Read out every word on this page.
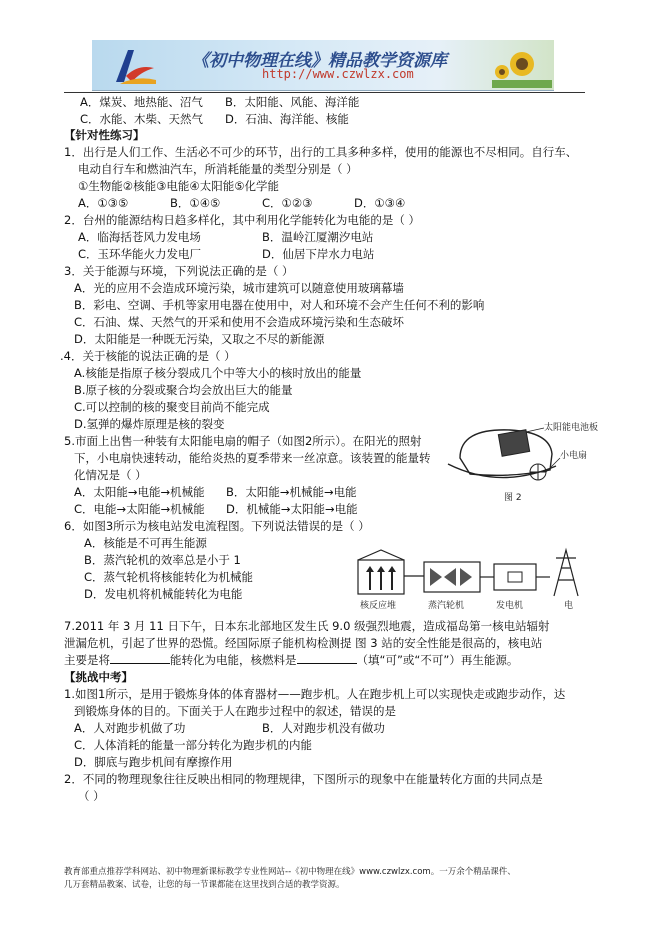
《初中物理在线》精品教学资源库
http://www.czwlzx.com
A．煤炭、地热能、沼气 B．太阳能、风能、海洋能
C．水能、木柴、天然气 D．石油、海洋能、核能
【针对性练习】
1．出行是人们工作、生活必不可少的环节，出行的工具多种多样，使用的能源也不尽相同。自行车、
电动自行车和燃油汽车，所消耗能量的类型分别是（ ）
①生物能②核能③电能④太阳能⑤化学能
A．①③⑤	B．①④⑤	C．①②③	D．①③④
2．台州的能源结构日趋多样化，其中利用化学能转化为电能的是（ ）
A．临海括苍风力发电场	B．温岭江厦潮汐电站
C．玉环华能火力发电厂	D．仙居下岸水力电站
3．关于能源与环境，下列说法正确的是（ ）
A．光的应用不会造成环境污染，城市建筑可以随意使用玻璃幕墙
B．彩电、空调、手机等家用电器在使用中，对人和环境不会产生任何不利的影响
C．石油、煤、天然气的开采和使用不会造成环境污染和生态破坏
D．太阳能是一种既无污染，又取之不尽的新能源
.4．关于核能的说法正确的是（ ）
A.核能是指原子核分裂成几个中等大小的核时放出的能量
B.原子核的分裂或聚合均会放出巨大的能量
C.可以控制的核的聚变目前尚不能完成
D.氢弹的爆炸原理是核的裂变
5.市面上出售一种装有太阳能电扇的帽子（如图2所示）。在阳光的照射
下，小电扇快速转动，能给炎热的夏季带来一丝凉意。该装置的能量转
化情况是（ ）
A．太阳能→电能→机械能 B．太阳能→机械能→电能
C．电能→太阳能→机械能 D．机械能→太阳能→电能
太阳能电池板
小电扇
图 2
6．如图3所示为核电站发电流程图。下列说法错误的是（ ）
A．核能是不可再生能源
B．蒸汽轮机的效率总是小于 1
C．蒸气轮机将核能转化为机械能
D．发电机将机械能转化为电能
核反应堆	蒸汽轮机	发电机	电
7.2011 年 3 月 11 日下午，日本东北部地区发生氏 9.0 级强烈地震，造成福岛第一核电站辐射
泄漏危机，引起了世界的恐慌。经国际原子能机构检测提 图 3 站的安全性能是很高的，核电站
主要是将	能转化为电能，核燃料是	（填“可”或“不可”）再生能源。
【挑战中考】
1.如图1所示，是用于锻炼身体的体育器材——跑步机。人在跑步机上可以实现快走或跑步动作，达
到锻炼身体的目的。下面关于人在跑步过程中的叙述，错误的是
A．人对跑步机做了功	B．人对跑步机没有做功
C．人体消耗的能量一部分转化为跑步机的内能
D．脚底与跑步机间有摩擦作用
2．不同的物理现象往往反映出相同的物理规律，下图所示的现象中在能量转化方面的共同点是
（ ）
教育部重点推荐学科网站、初中物理新课标教学专业性网站--《初中物理在线》www.czwlzx.com。一万余个精品课件、
几万套精品教案、试卷，让您的每一节课都能在这里找到合适的教学资源。
